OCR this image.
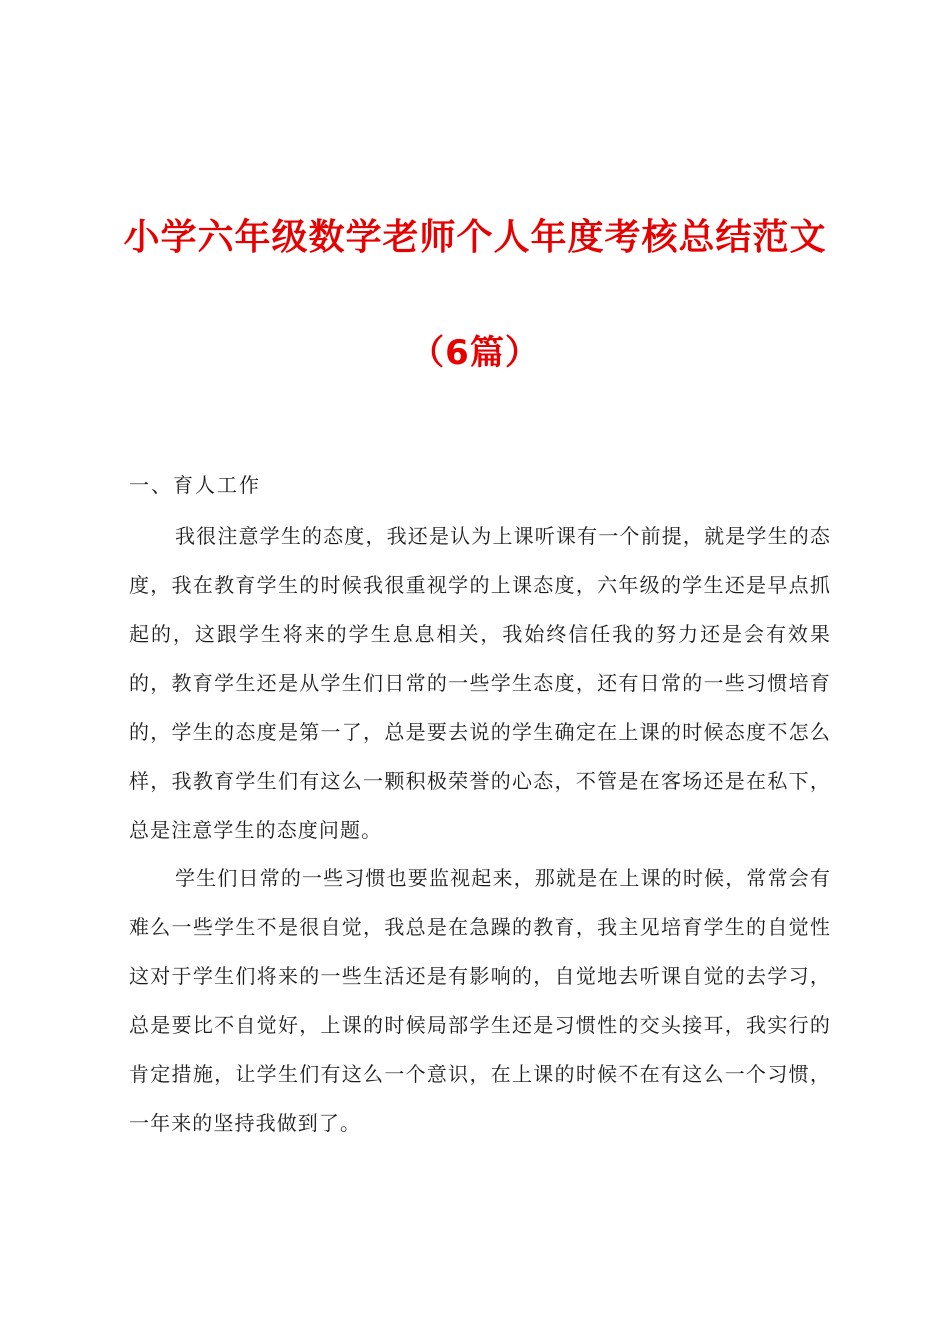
小学六年级数学老师个人年度考核总结范文
（6篇）
一、育人工作

我很注意学生的态度，我还是认为上课听课有一个前提，就是学生的态度，我在教育学生的时候我很重视学的上课态度，六年级的学生还是早点抓起的，这跟学生将来的学生息息相关，我始终信任我的努力还是会有效果的，教育学生还是从学生们日常的一些学生态度，还有日常的一些习惯培育的，学生的态度是第一了，总是要去说的学生确定在上课的时候态度不怎么样，我教育学生们有这么一颗积极荣誉的心态，不管是在客场还是在私下，总是注意学生的态度问题。

学生们日常的一些习惯也要监视起来，那就是在上课的时候，常常会有难么一些学生不是很自觉，我总是在急躁的教育，我主见培育学生的自觉性这对于学生们将来的一些生活还是有影响的，自觉地去听课自觉的去学习，总是要比不自觉好，上课的时候局部学生还是习惯性的交头接耳，我实行的肯定措施，让学生们有这么一个意识，在上课的时候不在有这么一个习惯，一年来的坚持我做到了。
